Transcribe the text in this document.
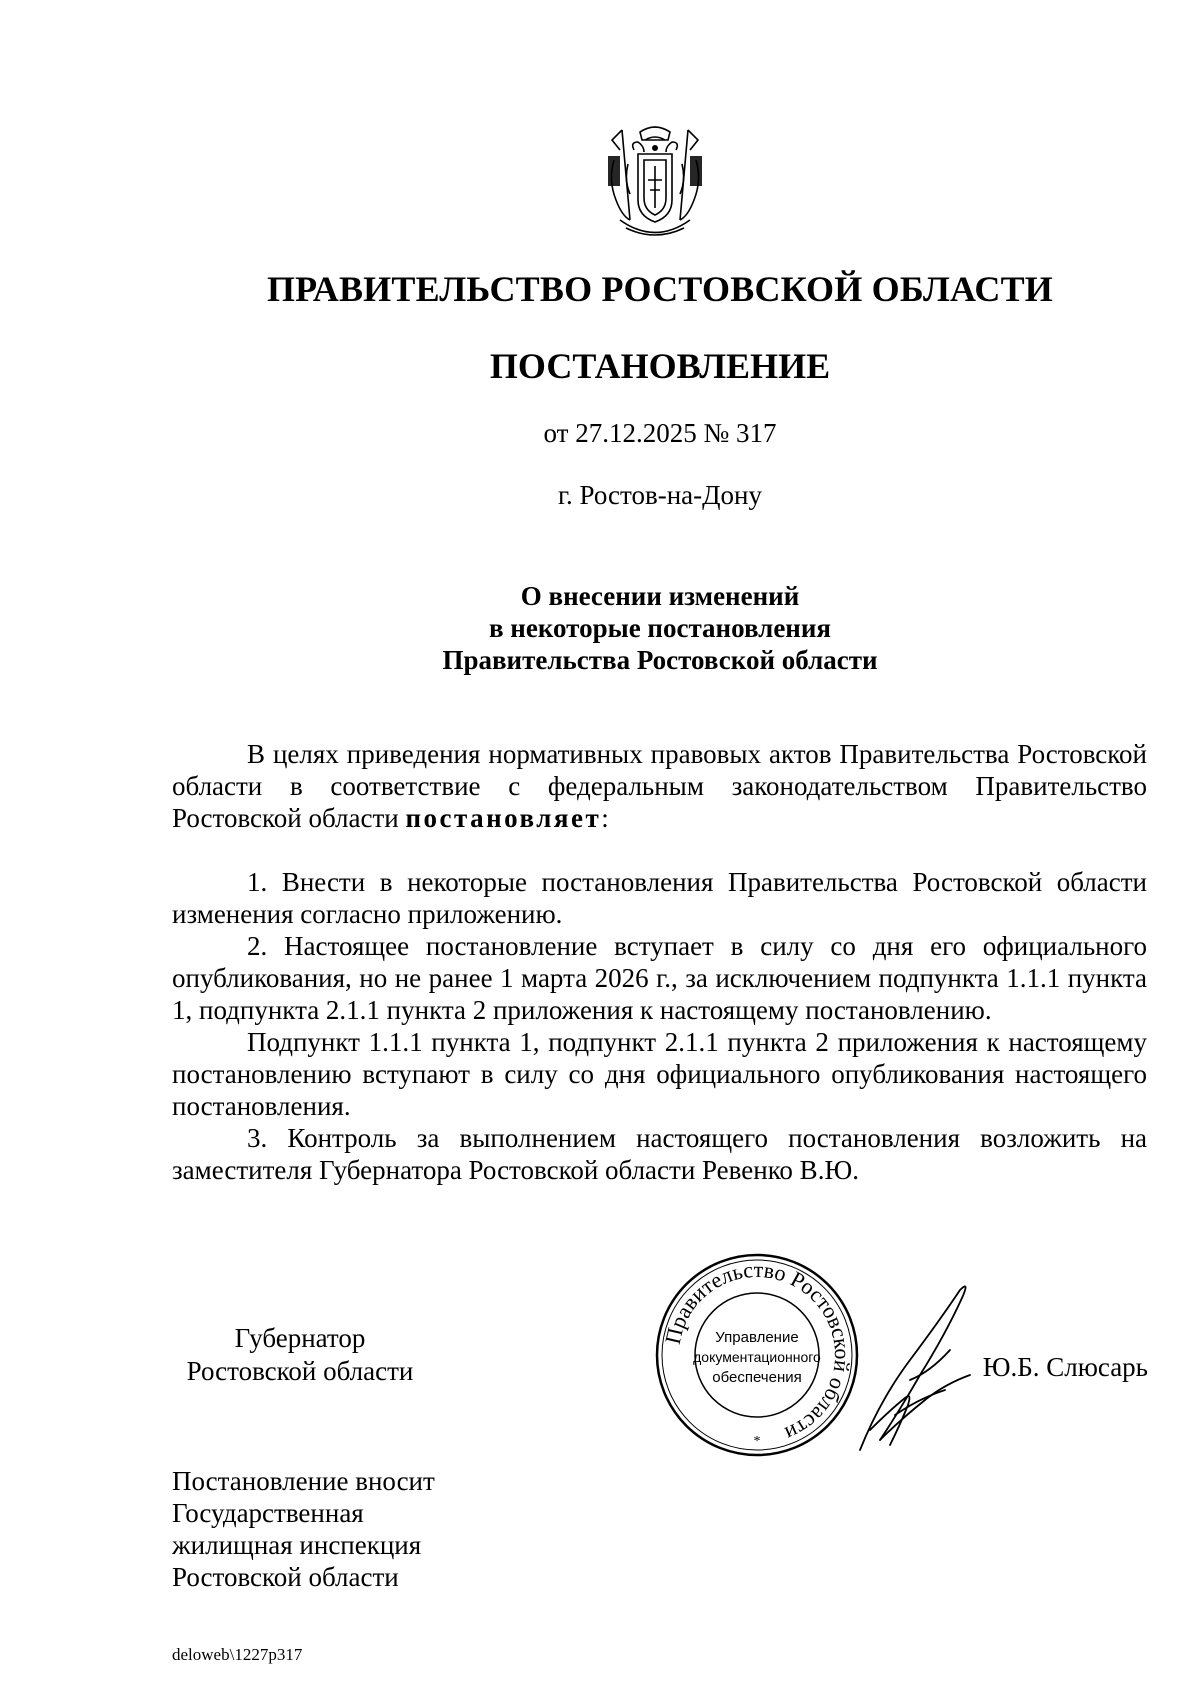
ПРАВИТЕЛЬСТВО РОСТОВСКОЙ ОБЛАСТИ
ПОСТАНОВЛЕНИЕ
от 27.12.2025 № 317
г. Ростов-на-Дону
О внесении изменений
в некоторые постановления
Правительства Ростовской области

В целях приведения нормативных правовых актов Правительства Ростовской области в соответствие с федеральным законодательством Правительство Ростовской области постановляет:

1. Внести в некоторые постановления Правительства Ростовской области изменения согласно приложению.

2. Настоящее постановление вступает в силу со дня его официального опубликования, но не ранее 1 марта 2026 г., за исключением подпункта 1.1.1 пункта 1, подпункта 2.1.1 пункта 2 приложения к настоящему постановлению.

Подпункт 1.1.1 пункта 1, подпункт 2.1.1 пункта 2 приложения к настоящему постановлению вступают в силу со дня официального опубликования настоящего постановления.

3. Контроль за выполнением настоящего постановления возложить на заместителя Губернатора Ростовской области Ревенко В.Ю.

Губернатор
Ростовской области
Правительство Ростовской области
Управление
документационного
обеспечения
*
Ю.Б. Слюсарь
Постановление вносит
Государственная
жилищная инспекция
Ростовской области
deloweb\1227p317
